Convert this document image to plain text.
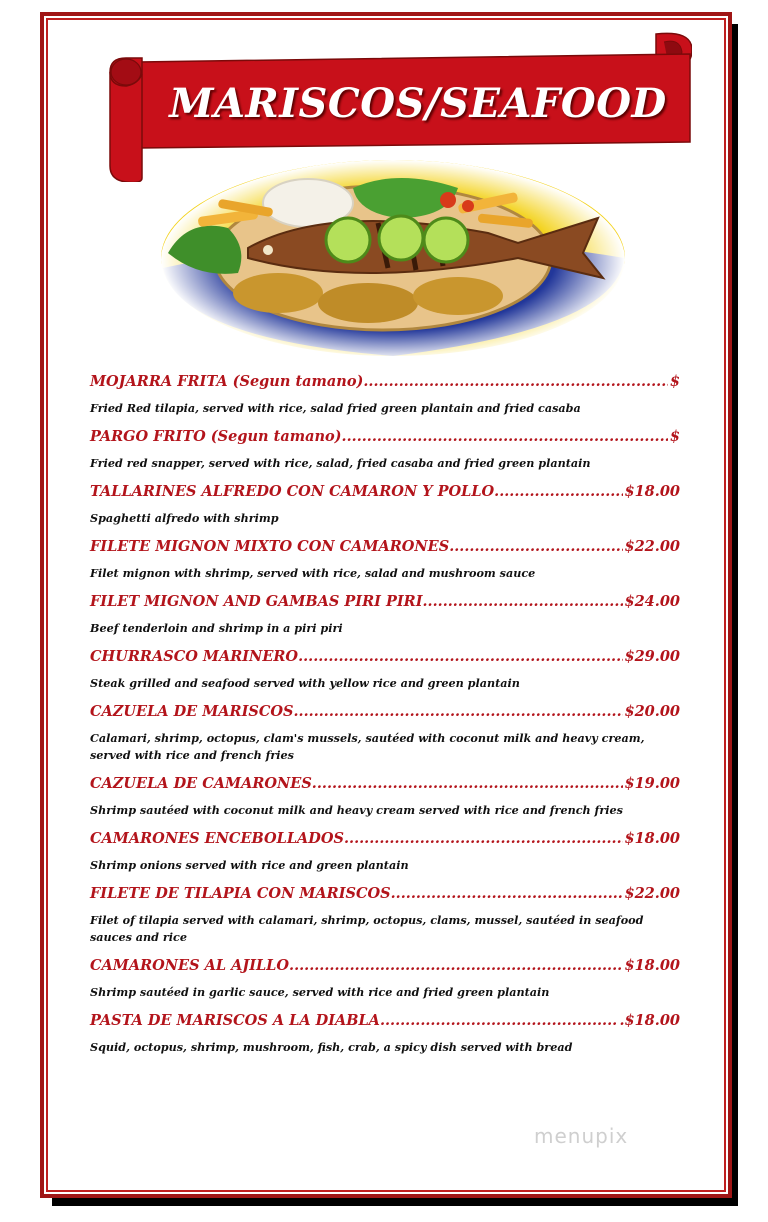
MARISCOS/SEAFOOD
MOJARRA FRITA (Segun tamano) .....	$
Fried Red tilapia, served with rice, salad fried green plantain and fried casaba
PARGO FRITO (Segun tamano) .....	$
Fried red snapper, served with rice, salad, fried casaba and fried green plantain
TALLARINES ALFREDO CON CAMARON Y POLLO .....	$18.00
Spaghetti alfredo with shrimp
FILETE MIGNON MIXTO CON CAMARONES .....	$22.00
Filet mignon with shrimp, served with rice, salad and mushroom sauce
FILET MIGNON AND GAMBAS PIRI PIRI .....	$24.00
Beef tenderloin and shrimp in a piri piri
CHURRASCO MARINERO .....	$29.00
Steak grilled and seafood served with yellow rice and green plantain
CAZUELA DE MARISCOS .....	$20.00
Calamari, shrimp, octopus, clam's mussels, sautéed with coconut milk and heavy cream, served with rice and french fries
CAZUELA DE CAMARONES .....	$19.00
Shrimp sautéed with coconut milk and heavy cream served with rice and french fries
CAMARONES ENCEBOLLADOS .....	$18.00
Shrimp onions served with rice and green plantain
FILETE DE TILAPIA CON MARISCOS .....	$22.00
Filet of tilapia served with calamari, shrimp, octopus, clams, mussel, sautéed in seafood sauces and rice
CAMARONES AL AJILLO .....	$18.00
Shrimp sautéed in garlic sauce, served with rice and fried green plantain
PASTA DE MARISCOS A LA DIABLA .....	.$18.00
Squid, octopus, shrimp, mushroom, fish, crab, a spicy dish served with bread
menupix
